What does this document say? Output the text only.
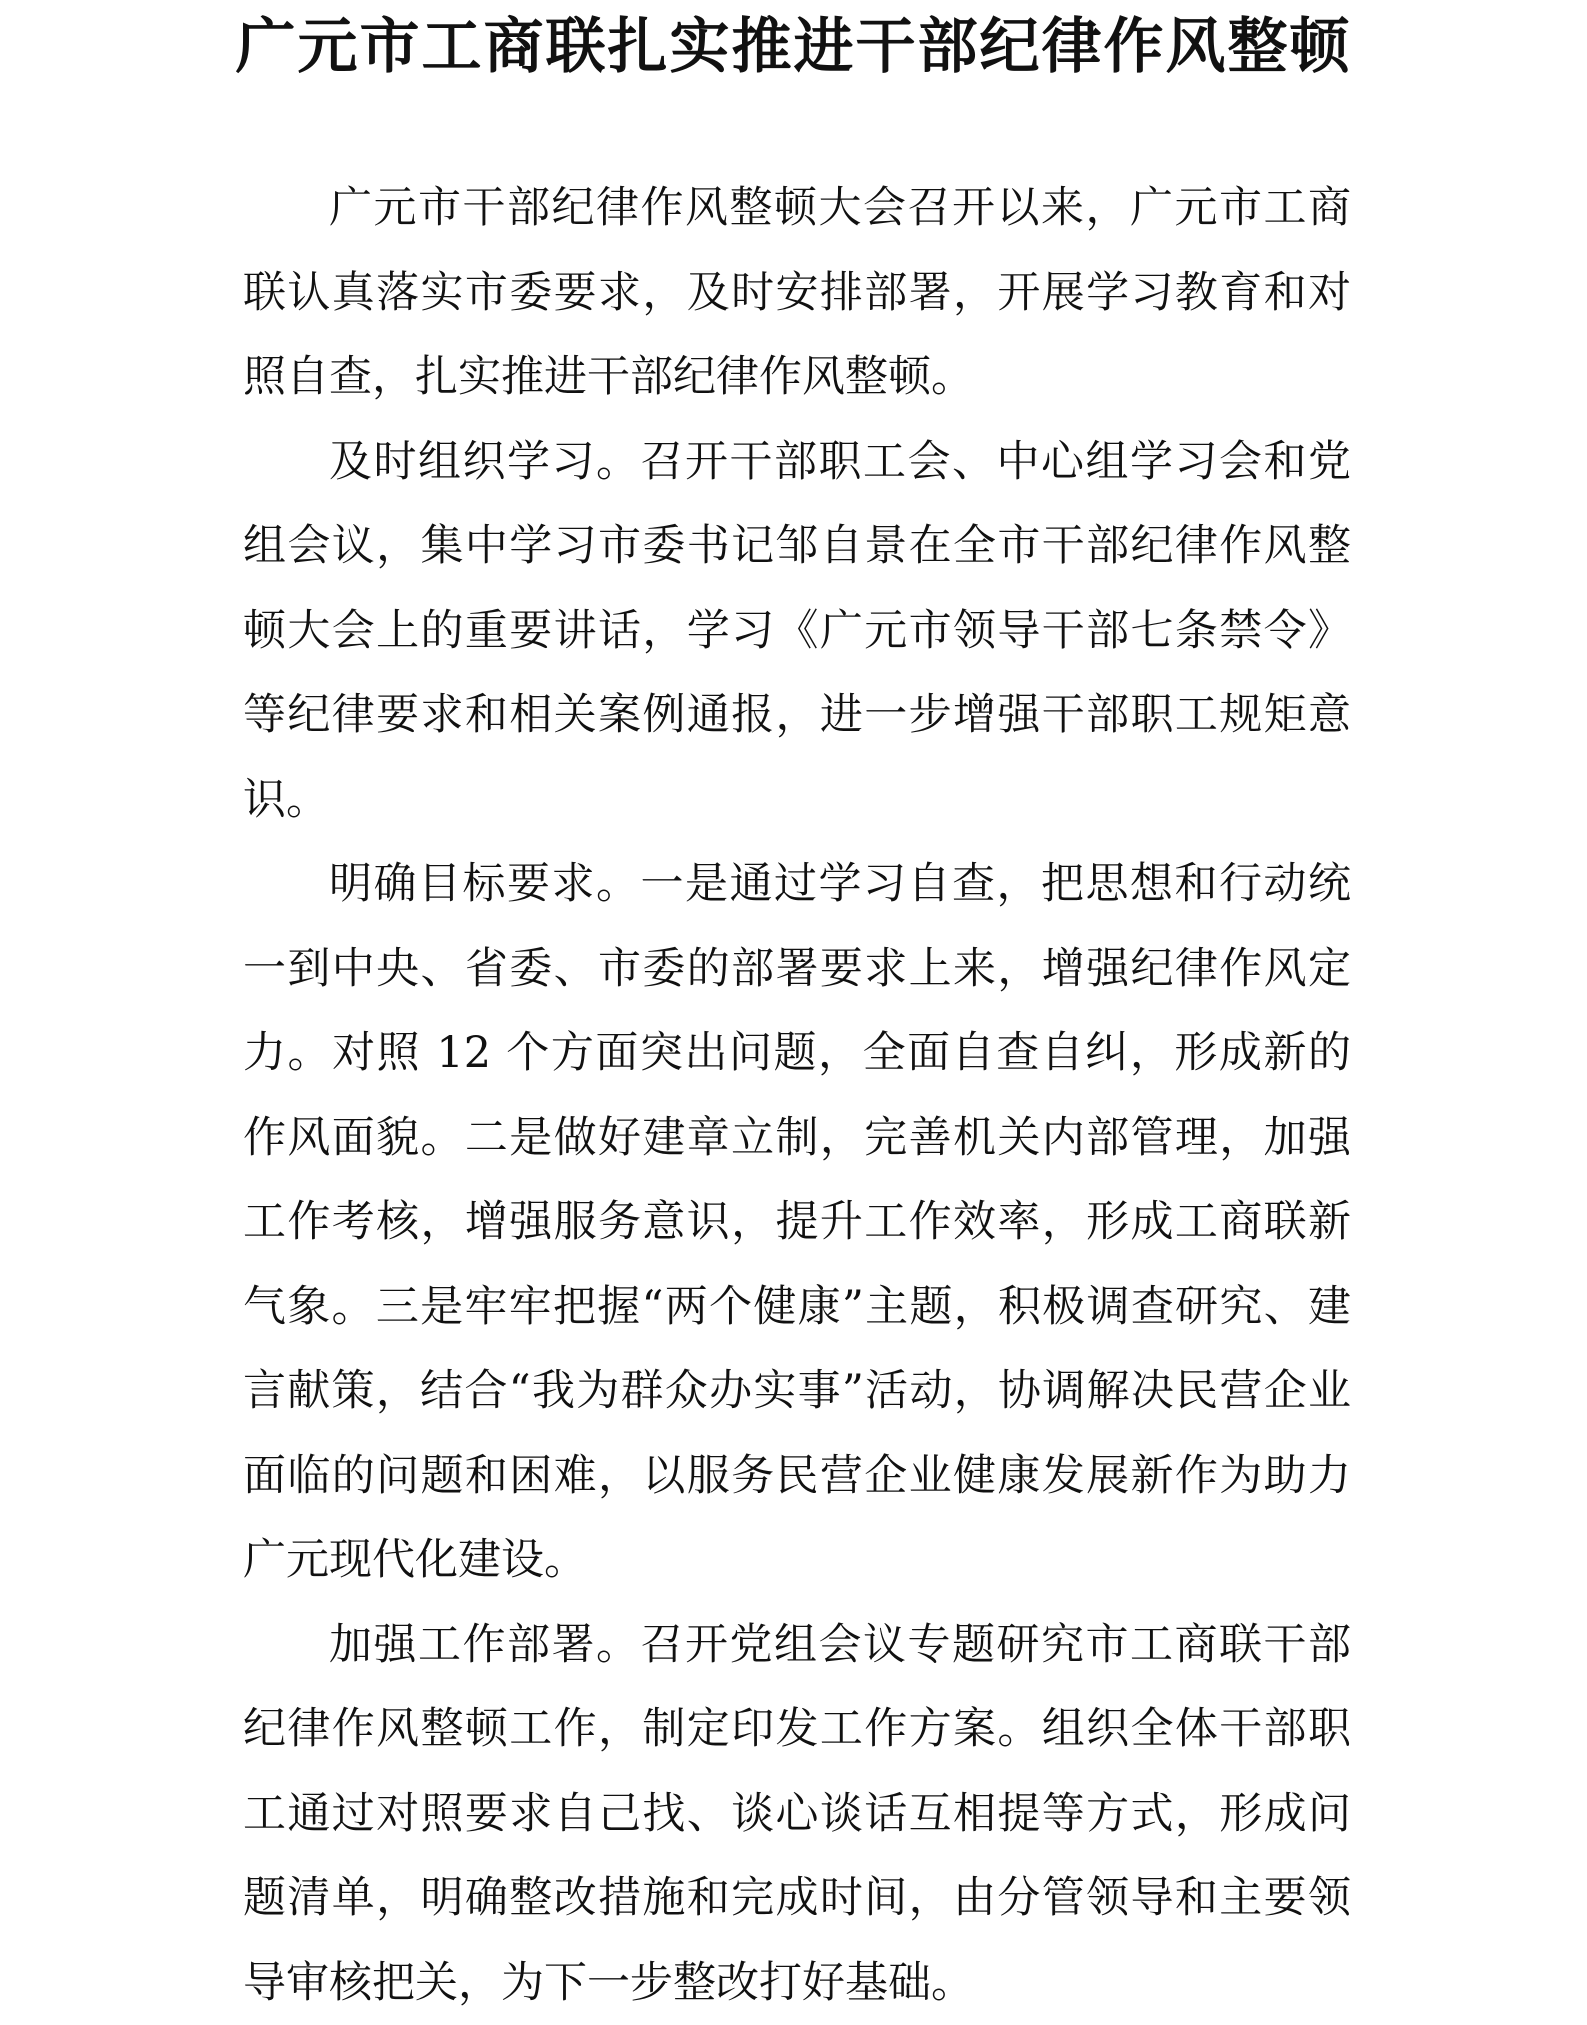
广元市工商联扎实推进干部纪律作风整顿

广元市干部纪律作风整顿大会召开以来，广元市工商联认真落实市委要求，及时安排部署，开展学习教育和对照自查，扎实推进干部纪律作风整顿。

及时组织学习。召开干部职工会、中心组学习会和党组会议，集中学习市委书记邹自景在全市干部纪律作风整顿大会上的重要讲话，学习《广元市领导干部七条禁令》等纪律要求和相关案例通报，进一步增强干部职工规矩意识。

明确目标要求。一是通过学习自查，把思想和行动统一到中央、省委、市委的部署要求上来，增强纪律作风定力。对照 12 个方面突出问题，全面自查自纠，形成新的作风面貌。二是做好建章立制，完善机关内部管理，加强工作考核，增强服务意识，提升工作效率，形成工商联新气象。三是牢牢把握“两个健康”主题，积极调查研究、建言献策，结合“我为群众办实事”活动，协调解决民营企业面临的问题和困难，以服务民营企业健康发展新作为助力广元现代化建设。

加强工作部署。召开党组会议专题研究市工商联干部纪律作风整顿工作，制定印发工作方案。组织全体干部职工通过对照要求自己找、谈心谈话互相提等方式，形成问题清单，明确整改措施和完成时间，由分管领导和主要领导审核把关，为下一步整改打好基础。
